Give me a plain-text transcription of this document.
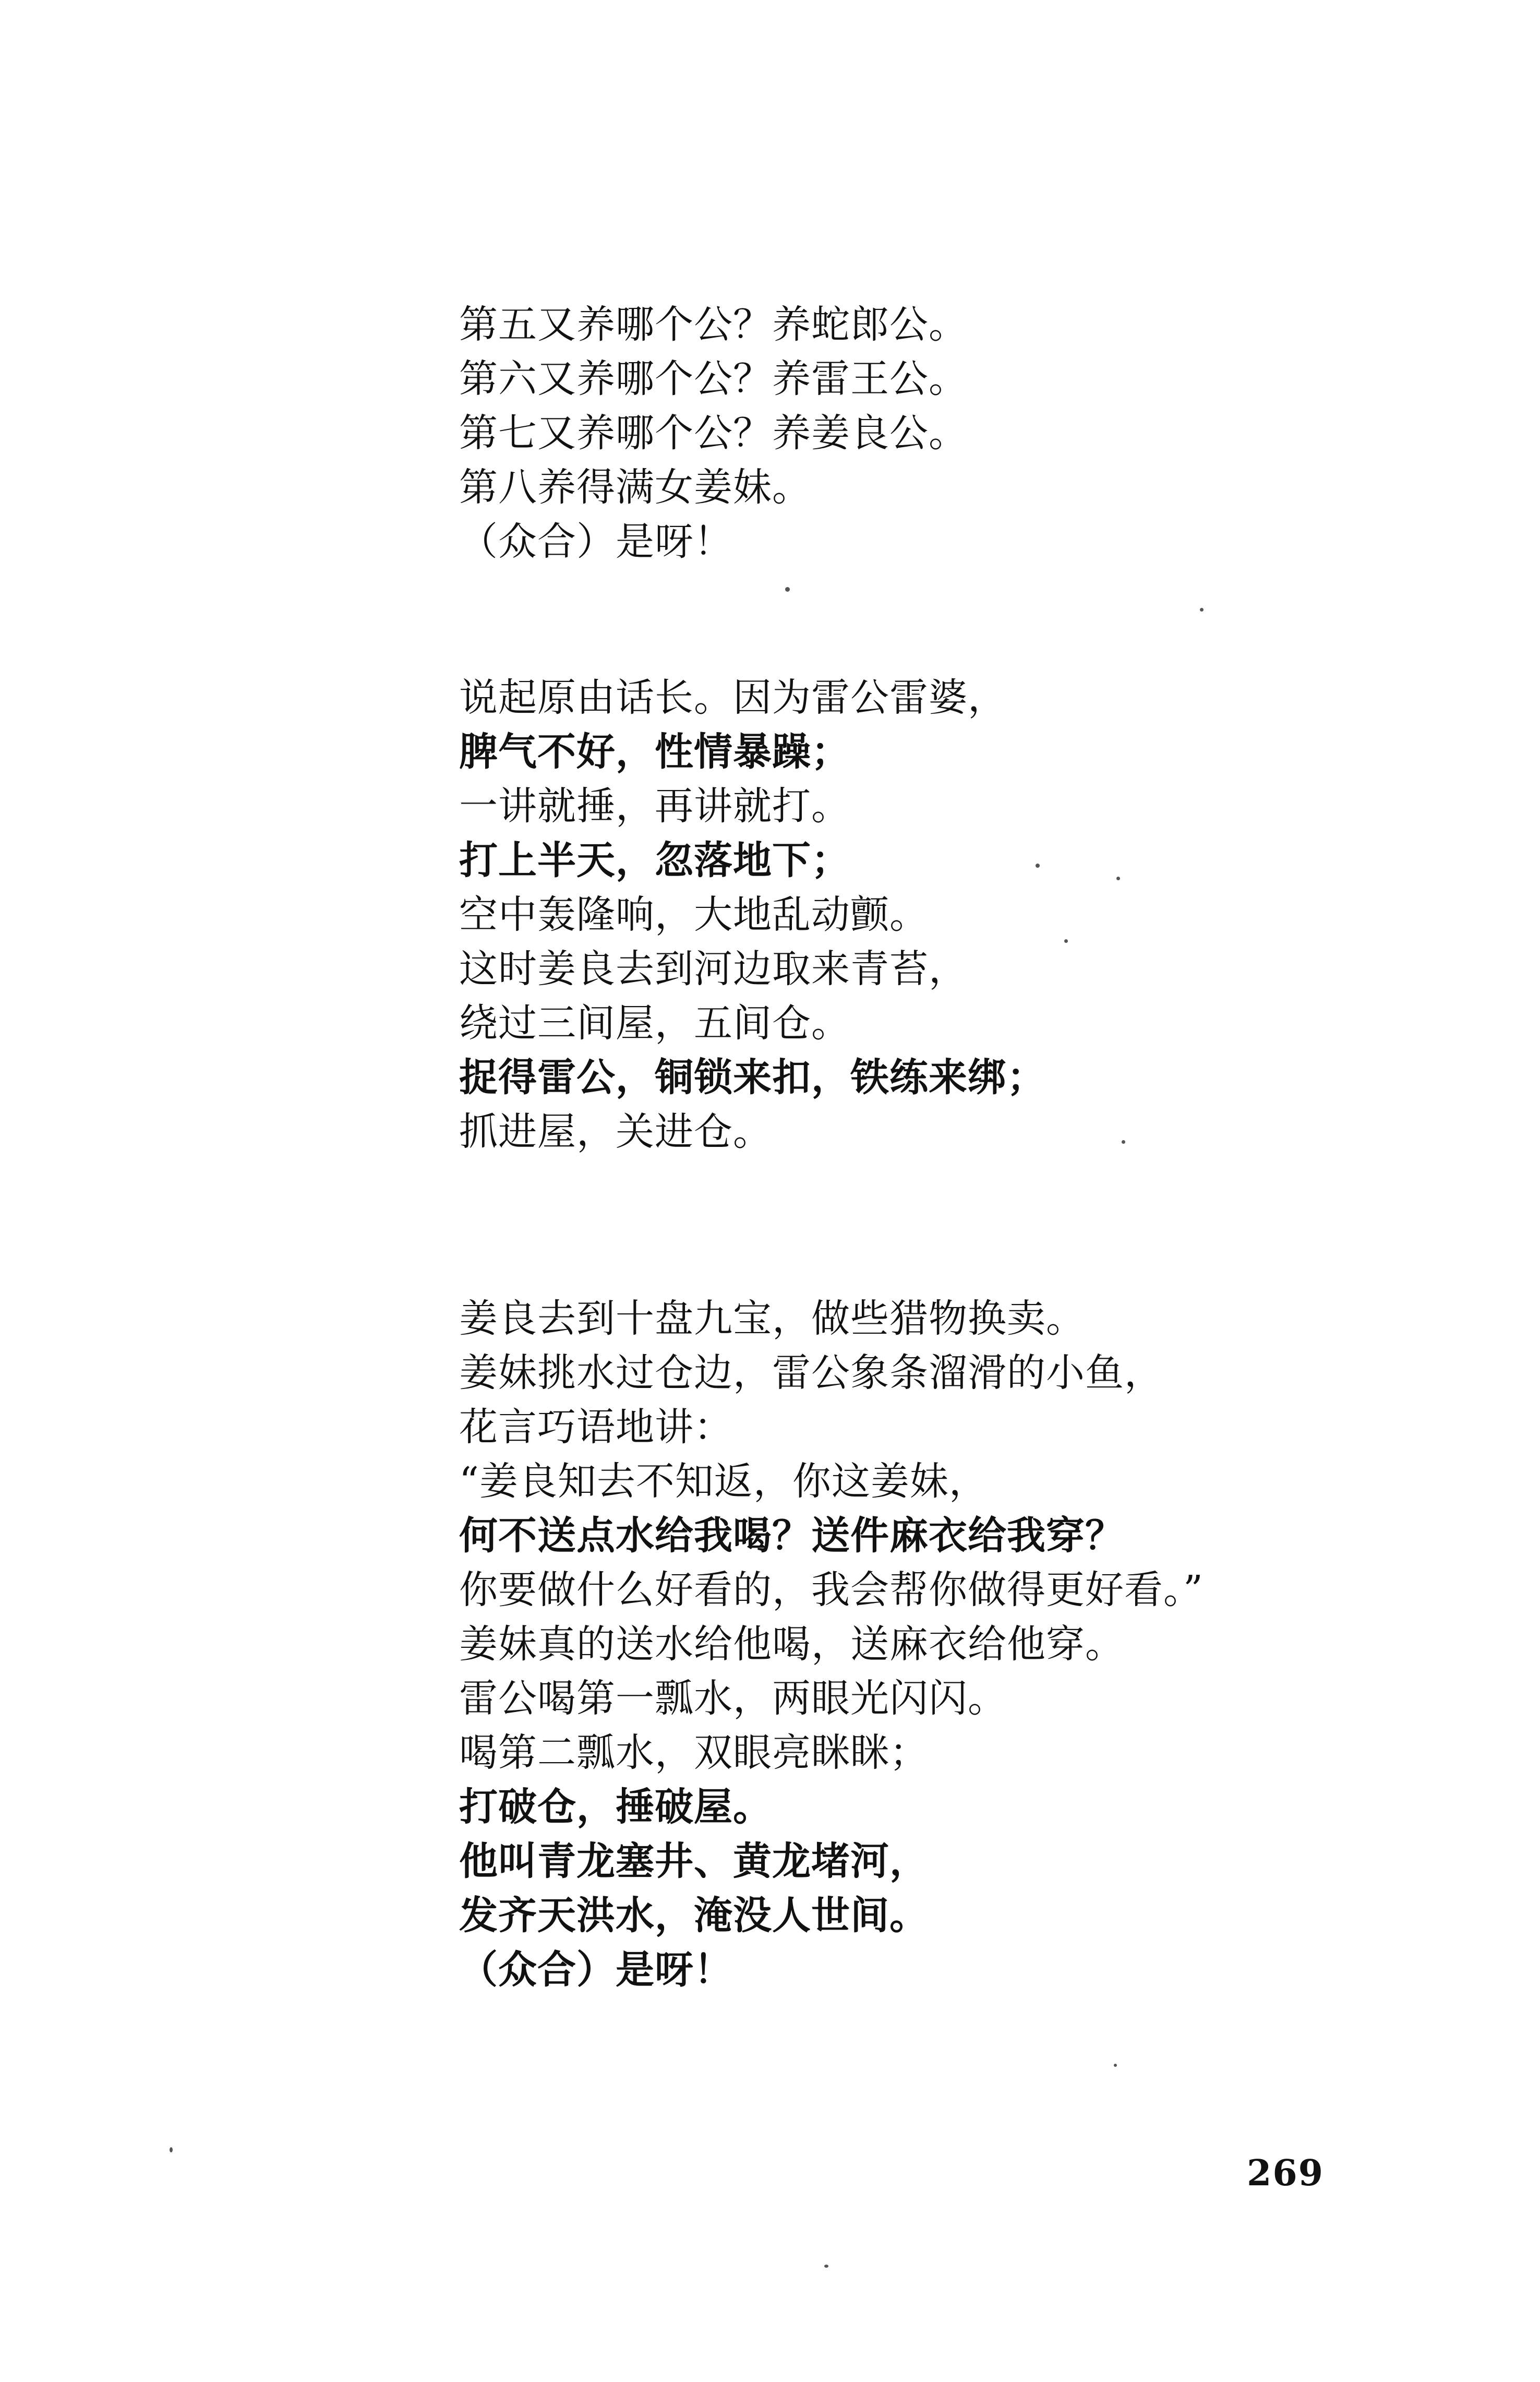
第五又养哪个公？养蛇郎公。
第六又养哪个公？养雷王公。
第七又养哪个公？养姜良公。
第八养得满女姜妹。
（众合）是呀！
说起原由话长。因为雷公雷婆，
脾气不好，性情暴躁；
一讲就捶，再讲就打。
打上半天，忽落地下；
空中轰隆响，大地乱动颤。
这时姜良去到河边取来青苔，
绕过三间屋，五间仓。
捉得雷公，铜锁来扣，铁练来绑；
抓进屋，关进仓。
姜良去到十盘九宝，做些猎物换卖。
姜妹挑水过仓边，雷公象条溜滑的小鱼，
花言巧语地讲：
“姜良知去不知返，你这姜妹，
何不送点水给我喝？送件麻衣给我穿？
你要做什么好看的，我会帮你做得更好看。”
姜妹真的送水给他喝，送麻衣给他穿。
雷公喝第一瓢水，两眼光闪闪。
喝第二瓢水，双眼亮眯眯；
打破仓，捶破屋。
他叫青龙塞井、黄龙堵河，
发齐天洪水，淹没人世间。
（众合）是呀！
269
